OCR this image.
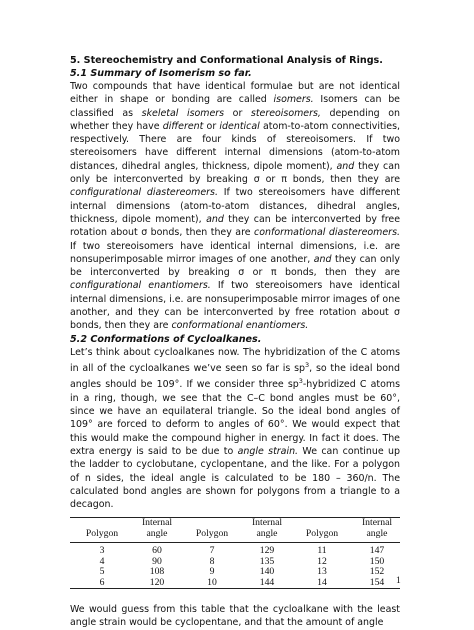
5. Stereochemistry and Conformational Analysis of Rings.
5.1 Summary of Isomerism so far.
Two compounds that have identical formulae but are not identical either in shape or bonding are called isomers. Isomers can be classified as skeletal isomers or stereoisomers, depending on whether they have different or identical atom-to-atom connectivities, respectively. There are four kinds of stereoisomers. If two stereoisomers have different internal dimensions (atom-to-atom distances, dihedral angles, thickness, dipole moment), and they can only be interconverted by breaking σ or π bonds, then they are configurational diastereomers. If two stereoisomers have different internal dimensions (atom-to-atom distances, dihedral angles, thickness, dipole moment), and they can be interconverted by free rotation about σ bonds, then they are conformational diastereomers. If two stereoisomers have identical internal dimensions, i.e. are nonsuperimposable mirror images of one another, and they can only be interconverted by breaking σ or π bonds, then they are configurational enantiomers. If two stereoisomers have identical internal dimensions, i.e. are nonsuperimposable mirror images of one another, and they can be interconverted by free rotation about σ bonds, then they are conformational enantiomers.
5.2 Conformations of Cycloalkanes.
Let’s think about cycloalkanes now. The hybridization of the C atoms in all of the cycloalkanes we’ve seen so far is $sp^3$, so the ideal bond angles should be 109°. If we consider three $sp^3$-hybridized C atoms in a ring, though, we see that the C–C bond angles must be 60°, since we have an equilateral triangle. So the ideal bond angles of 109° are forced to deform to angles of 60°. We would expect that this would make the compound higher in energy. In fact it does. The extra energy is said to be due to angle strain. We can continue up the ladder to cyclobutane, cyclopentane, and the like. For a polygon of n sides, the ideal angle is calculated to be 180 – 360/n. The calculated bond angles are shown for polygons from a triangle to a decagon.
Polygon	Internal angle	Polygon	Internal angle	Polygon	Internal angle
3	60	7	129	11	147
4	90	8	135	12	150
5	108	9	140	13	152
6	120	10	144	14	154
We would guess from this table that the cycloalkane with the least angle strain would be cyclopentane, and that the amount of angle
1
